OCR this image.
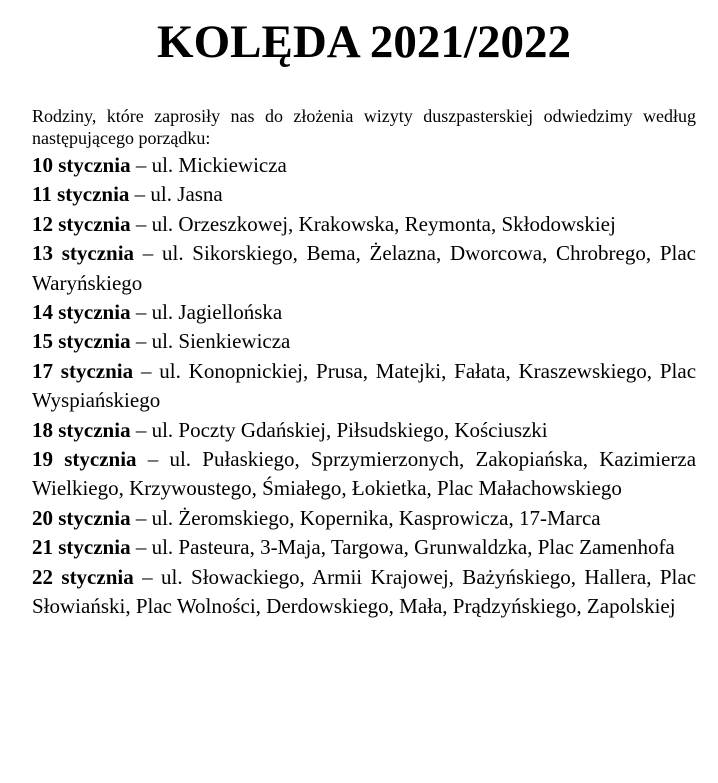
KOLĘDA 2021/2022

Rodziny, które zaprosiły nas do złożenia wizyty duszpasterskiej odwiedzimy według następującego porządku:

10 stycznia – ul. Mickiewicza
11 stycznia – ul. Jasna
12 stycznia – ul. Orzeszkowej, Krakowska, Reymonta, Skłodowskiej
13 stycznia – ul. Sikorskiego, Bema, Żelazna, Dworcowa, Chrobrego, Plac Waryńskiego
14 stycznia – ul. Jagiellońska
15 stycznia – ul. Sienkiewicza
17 stycznia – ul. Konopnickiej, Prusa, Matejki, Fałata, Kraszewskiego, Plac Wyspiańskiego
18 stycznia – ul. Poczty Gdańskiej, Piłsudskiego, Kościuszki
19 stycznia – ul. Pułaskiego, Sprzymierzonych, Zakopiańska, Kazimierza Wielkiego, Krzywoustego, Śmiałego, Łokietka, Plac Małachowskiego
20 stycznia – ul. Żeromskiego, Kopernika, Kasprowicza, 17-Marca
21 stycznia – ul. Pasteura, 3-Maja, Targowa, Grunwaldzka, Plac Zamenhofa
22 stycznia – ul. Słowackiego, Armii Krajowej, Bażyńskiego, Hallera, Plac Słowiański, Plac Wolności, Derdowskiego, Mała, Prądzyńskiego, Zapolskiej
